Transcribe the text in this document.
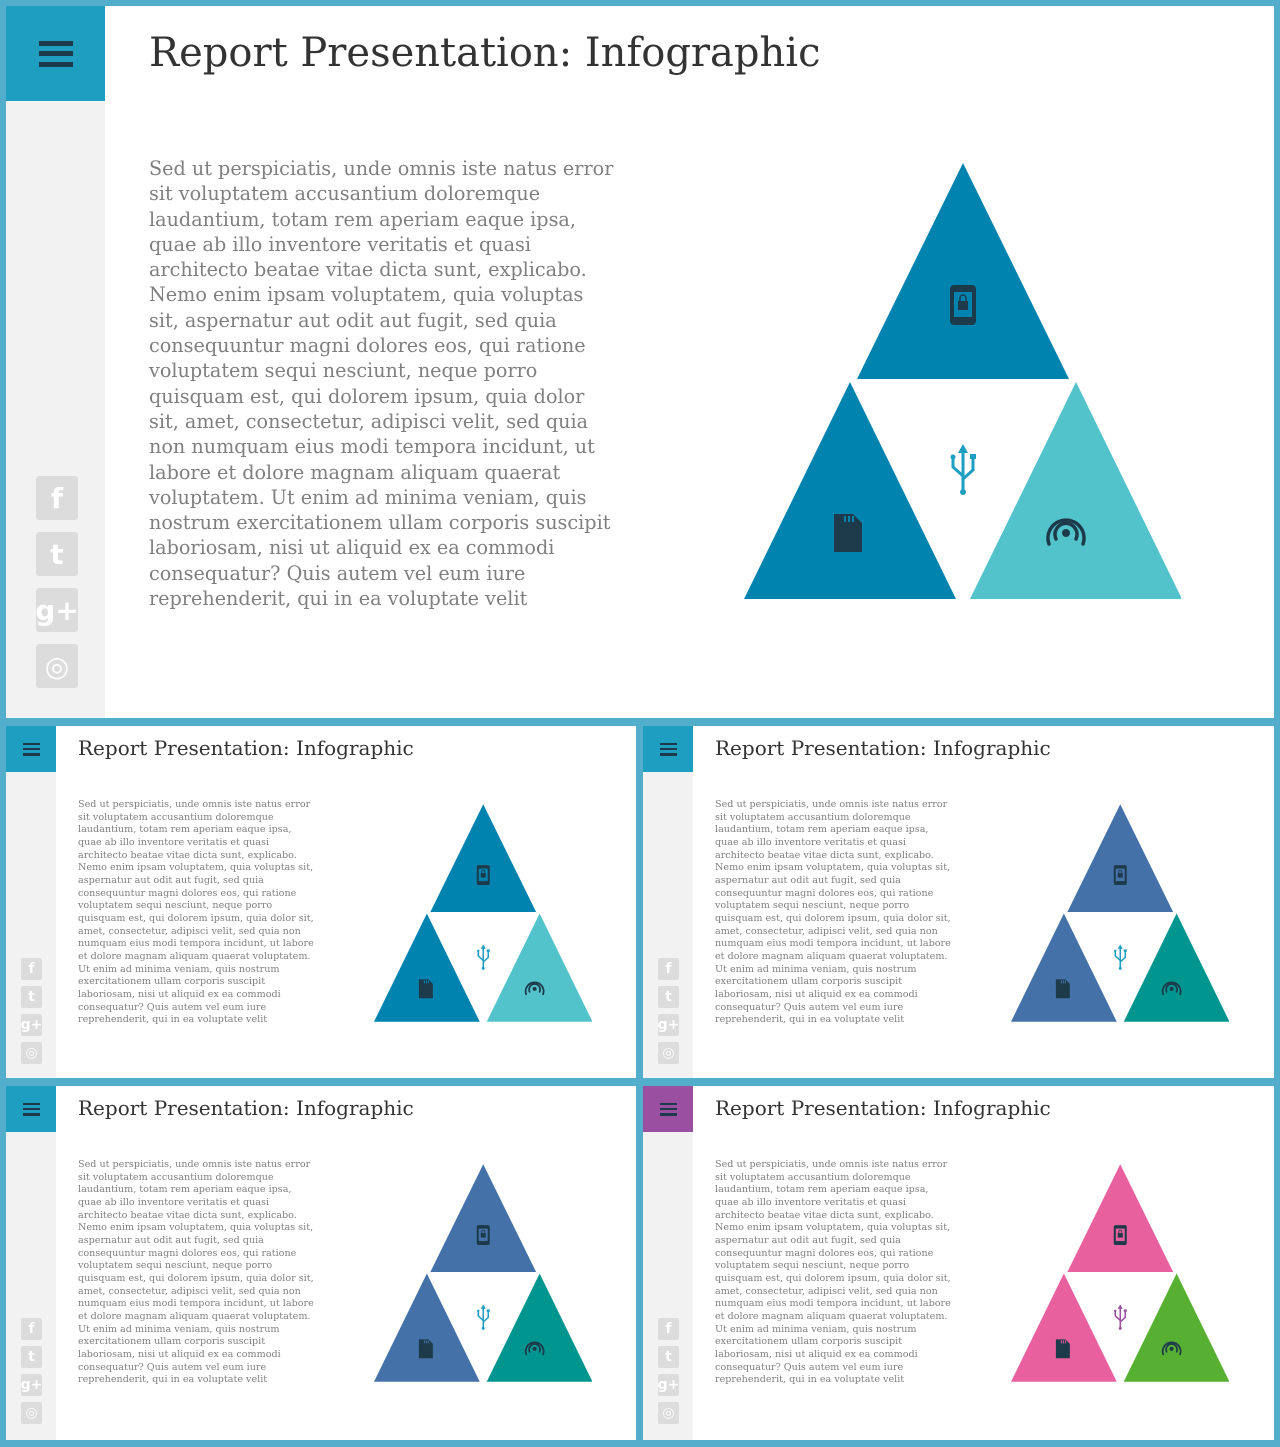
f
t
g+
◎
Report Presentation: Infographic

Sed ut perspiciatis, unde omnis iste natus error sit voluptatem accusantium doloremque laudantium, totam rem aperiam eaque ipsa, quae ab illo inventore veritatis et quasi architecto beatae vitae dicta sunt, explicabo. Nemo enim ipsam voluptatem, quia voluptas sit, aspernatur aut odit aut fugit, sed quia consequuntur magni dolores eos, qui ratione voluptatem sequi nesciunt, neque porro quisquam est, qui dolorem ipsum, quia dolor sit, amet, consectetur, adipisci velit, sed quia non numquam eius modi tempora incidunt, ut labore et dolore magnam aliquam quaerat voluptatem. Ut enim ad minima veniam, quis nostrum exercitationem ullam corporis suscipit laboriosam, nisi ut aliquid ex ea commodi consequatur? Quis autem vel eum iure reprehenderit, qui in ea voluptate velit

f
t
g+
◎
Report Presentation: Infographic

Sed ut perspiciatis, unde omnis iste natus error sit voluptatem accusantium doloremque laudantium, totam rem aperiam eaque ipsa, quae ab illo inventore veritatis et quasi architecto beatae vitae dicta sunt, explicabo. Nemo enim ipsam voluptatem, quia voluptas sit, aspernatur aut odit aut fugit, sed quia consequuntur magni dolores eos, qui ratione voluptatem sequi nesciunt, neque porro quisquam est, qui dolorem ipsum, quia dolor sit, amet, consectetur, adipisci velit, sed quia non numquam eius modi tempora incidunt, ut labore et dolore magnam aliquam quaerat voluptatem. Ut enim ad minima veniam, quis nostrum exercitationem ullam corporis suscipit laboriosam, nisi ut aliquid ex ea commodi consequatur? Quis autem vel eum iure reprehenderit, qui in ea voluptate velit

f
t
g+
◎
Report Presentation: Infographic

Sed ut perspiciatis, unde omnis iste natus error sit voluptatem accusantium doloremque laudantium, totam rem aperiam eaque ipsa, quae ab illo inventore veritatis et quasi architecto beatae vitae dicta sunt, explicabo. Nemo enim ipsam voluptatem, quia voluptas sit, aspernatur aut odit aut fugit, sed quia consequuntur magni dolores eos, qui ratione voluptatem sequi nesciunt, neque porro quisquam est, qui dolorem ipsum, quia dolor sit, amet, consectetur, adipisci velit, sed quia non numquam eius modi tempora incidunt, ut labore et dolore magnam aliquam quaerat voluptatem. Ut enim ad minima veniam, quis nostrum exercitationem ullam corporis suscipit laboriosam, nisi ut aliquid ex ea commodi consequatur? Quis autem vel eum iure reprehenderit, qui in ea voluptate velit

f
t
g+
◎
Report Presentation: Infographic

Sed ut perspiciatis, unde omnis iste natus error sit voluptatem accusantium doloremque laudantium, totam rem aperiam eaque ipsa, quae ab illo inventore veritatis et quasi architecto beatae vitae dicta sunt, explicabo. Nemo enim ipsam voluptatem, quia voluptas sit, aspernatur aut odit aut fugit, sed quia consequuntur magni dolores eos, qui ratione voluptatem sequi nesciunt, neque porro quisquam est, qui dolorem ipsum, quia dolor sit, amet, consectetur, adipisci velit, sed quia non numquam eius modi tempora incidunt, ut labore et dolore magnam aliquam quaerat voluptatem. Ut enim ad minima veniam, quis nostrum exercitationem ullam corporis suscipit laboriosam, nisi ut aliquid ex ea commodi consequatur? Quis autem vel eum iure reprehenderit, qui in ea voluptate velit

f
t
g+
◎
Report Presentation: Infographic

Sed ut perspiciatis, unde omnis iste natus error sit voluptatem accusantium doloremque laudantium, totam rem aperiam eaque ipsa, quae ab illo inventore veritatis et quasi architecto beatae vitae dicta sunt, explicabo. Nemo enim ipsam voluptatem, quia voluptas sit, aspernatur aut odit aut fugit, sed quia consequuntur magni dolores eos, qui ratione voluptatem sequi nesciunt, neque porro quisquam est, qui dolorem ipsum, quia dolor sit, amet, consectetur, adipisci velit, sed quia non numquam eius modi tempora incidunt, ut labore et dolore magnam aliquam quaerat voluptatem. Ut enim ad minima veniam, quis nostrum exercitationem ullam corporis suscipit laboriosam, nisi ut aliquid ex ea commodi consequatur? Quis autem vel eum iure reprehenderit, qui in ea voluptate velit
